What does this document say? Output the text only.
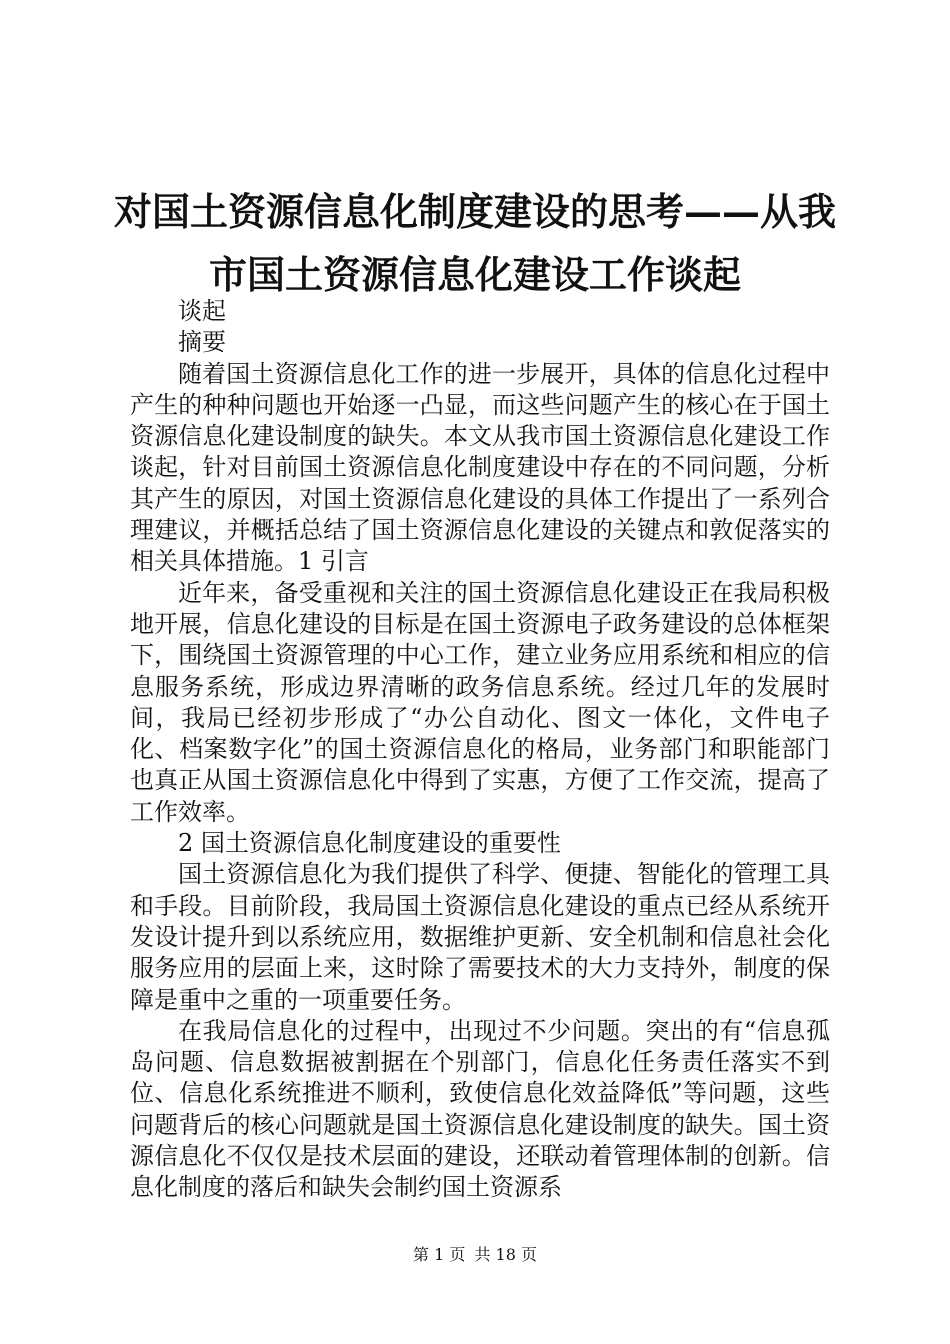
对国土资源信息化制度建设的思考——从我市国土资源信息化建设工作谈起

谈起

摘要

随着国土资源信息化工作的进一步展开，具体的信息化过程中产生的种种问题也开始逐一凸显，而这些问题产生的核心在于国土资源信息化建设制度的缺失。本文从我市国土资源信息化建设工作谈起，针对目前国土资源信息化制度建设中存在的不同问题，分析其产生的原因，对国土资源信息化建设的具体工作提出了一系列合理建议，并概括总结了国土资源信息化建设的关键点和敦促落实的相关具体措施。1 引言

近年来，备受重视和关注的国土资源信息化建设正在我局积极地开展，信息化建设的目标是在国土资源电子政务建设的总体框架下，围绕国土资源管理的中心工作，建立业务应用系统和相应的信息服务系统，形成边界清晰的政务信息系统。经过几年的发展时间，我局已经初步形成了“办公自动化、图文一体化，文件电子化、档案数字化”的国土资源信息化的格局，业务部门和职能部门也真正从国土资源信息化中得到了实惠，方便了工作交流，提高了工作效率。

2 国土资源信息化制度建设的重要性

国土资源信息化为我们提供了科学、便捷、智能化的管理工具和手段。目前阶段，我局国土资源信息化建设的重点已经从系统开发设计提升到以系统应用，数据维护更新、安全机制和信息社会化服务应用的层面上来，这时除了需要技术的大力支持外，制度的保障是重中之重的一项重要任务。

在我局信息化的过程中，出现过不少问题。突出的有“信息孤岛问题、信息数据被割据在个别部门，信息化任务责任落实不到位、信息化系统推进不顺利，致使信息化效益降低”等问题，这些问题背后的核心问题就是国土资源信息化建设制度的缺失。国土资源信息化不仅仅是技术层面的建设，还联动着管理体制的创新。信息化制度的落后和缺失会制约国土资源系

第 1 页 共 18 页
